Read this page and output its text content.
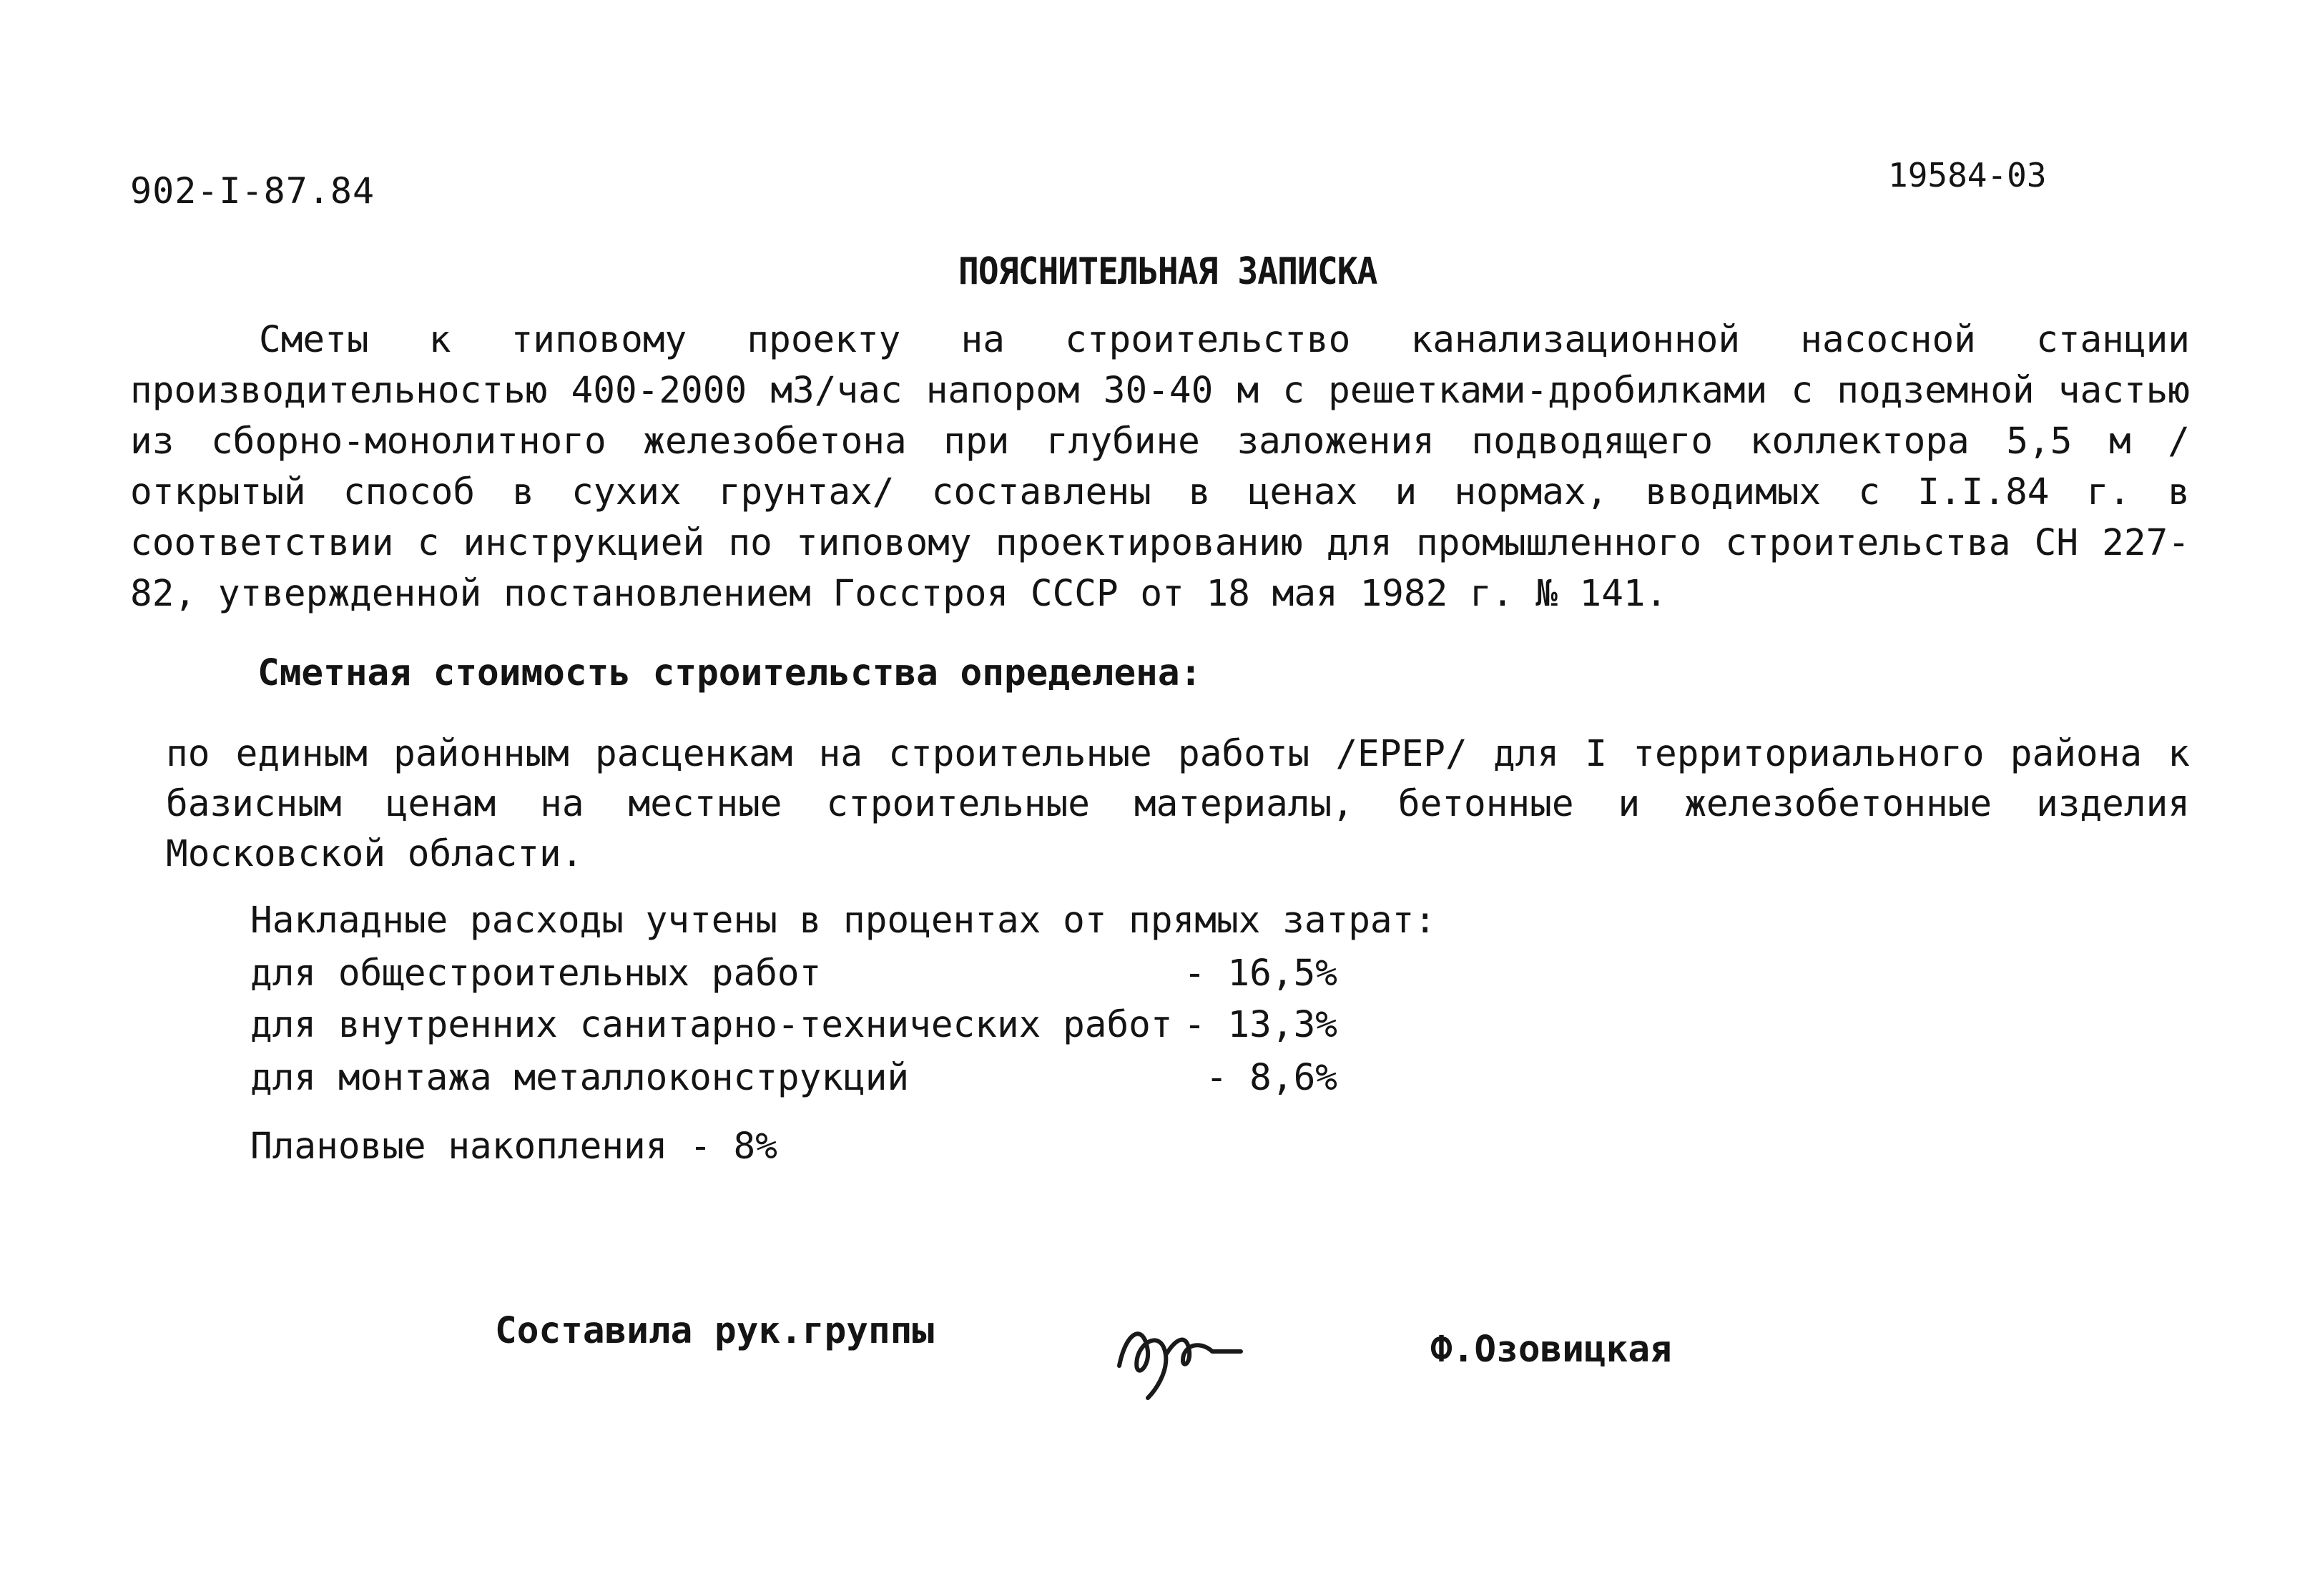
902-I-87.84	19584-03
ПОЯСНИТЕЛЬНАЯ ЗАПИСКА
Сметы к типовому проекту на строительство канализационной насосной станции производительностью 400-2000 м3/час напором 30-40 м с решетками-дробилками с подземной частью из сборно-монолитного железобетона при глубине заложения подводящего коллектора 5,5 м /открытый способ в сухих грунтах/ составлены в ценах и нормах, вводимых с I.I.84 г. в соответствии с инструкцией по типовому проектированию для промышленного строительства СН 227-82, утвержденной постановлением Госстроя СССР от 18 мая 1982 г. № 141.
Сметная стоимость строительства определена:
по единым районным расценкам на строительные работы /ЕРЕР/ для I территориального района к базисным ценам на местные строительные материалы, бетонные и железобетонные изделия Московской области.
Накладные расходы учтены в процентах от прямых затрат:
для общестроительных работ	- 16,5%
для внутренних санитарно-технических работ - 13,3%
для монтажа металлоконструкций	- 8,6%
Плановые накопления - 8%
Составила рук.группы	Ф.Озовицкая
